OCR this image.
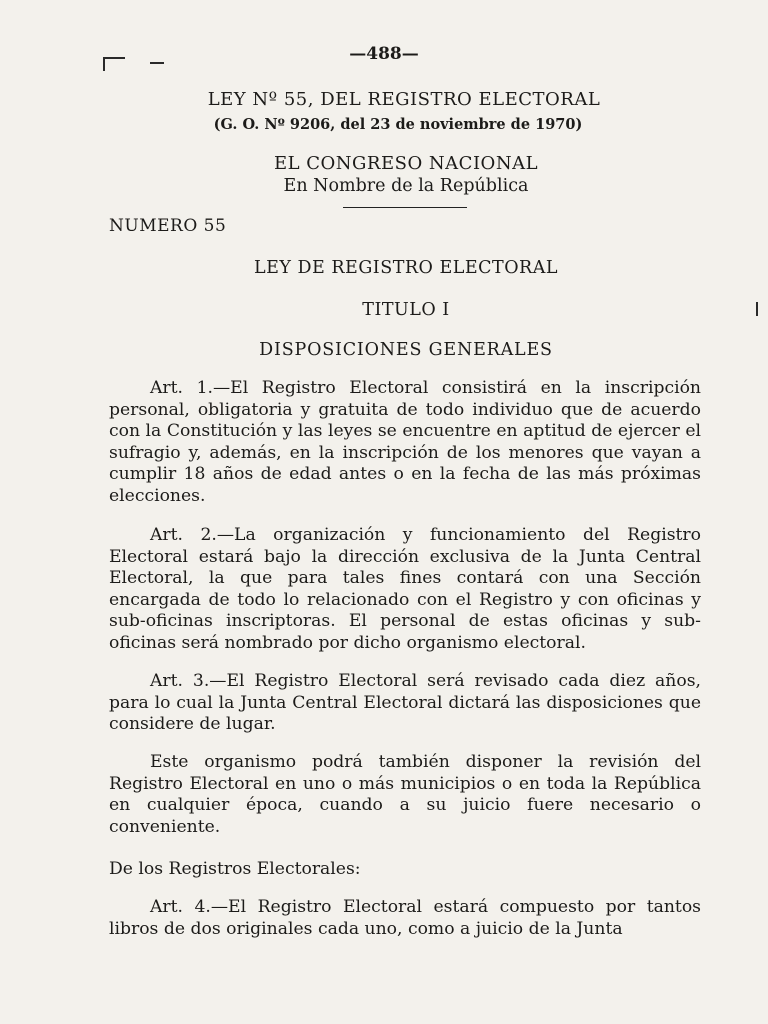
—488—
LEY Nº 55, DEL REGISTRO ELECTORAL
(G. O. Nº 9206, del 23 de noviembre de 1970)
EL CONGRESO NACIONAL
En Nombre de la República
NUMERO 55
LEY DE REGISTRO ELECTORAL
TITULO I
DISPOSICIONES GENERALES
Art. 1.—El Registro Electoral consistirá en la inscripción personal, obligatoria y gratuita de todo individuo que de acuerdo con la Constitución y las leyes se encuentre en aptitud de ejercer el sufragio y, además, en la inscripción de los menores que vayan a cumplir 18 años de edad antes o en la fecha de las más próximas elecciones.
Art. 2.—La organización y funcionamiento del Registro Electoral estará bajo la dirección exclusiva de la Junta Central Electoral, la que para tales fines contará con una Sección encargada de todo lo relacionado con el Registro y con oficinas y sub-oficinas inscriptoras. El personal de estas oficinas y sub-oficinas será nombrado por dicho organismo electoral.
Art. 3.—El Registro Electoral será revisado cada diez años, para lo cual la Junta Central Electoral dictará las disposiciones que considere de lugar.
Este organismo podrá también disponer la revisión del Registro Electoral en uno o más municipios o en toda la República en cualquier época, cuando a su juicio fuere necesario o conveniente.
De los Registros Electorales:
Art. 4.—El Registro Electoral estará compuesto por tantos libros de dos originales cada uno, como a juicio de la Junta
